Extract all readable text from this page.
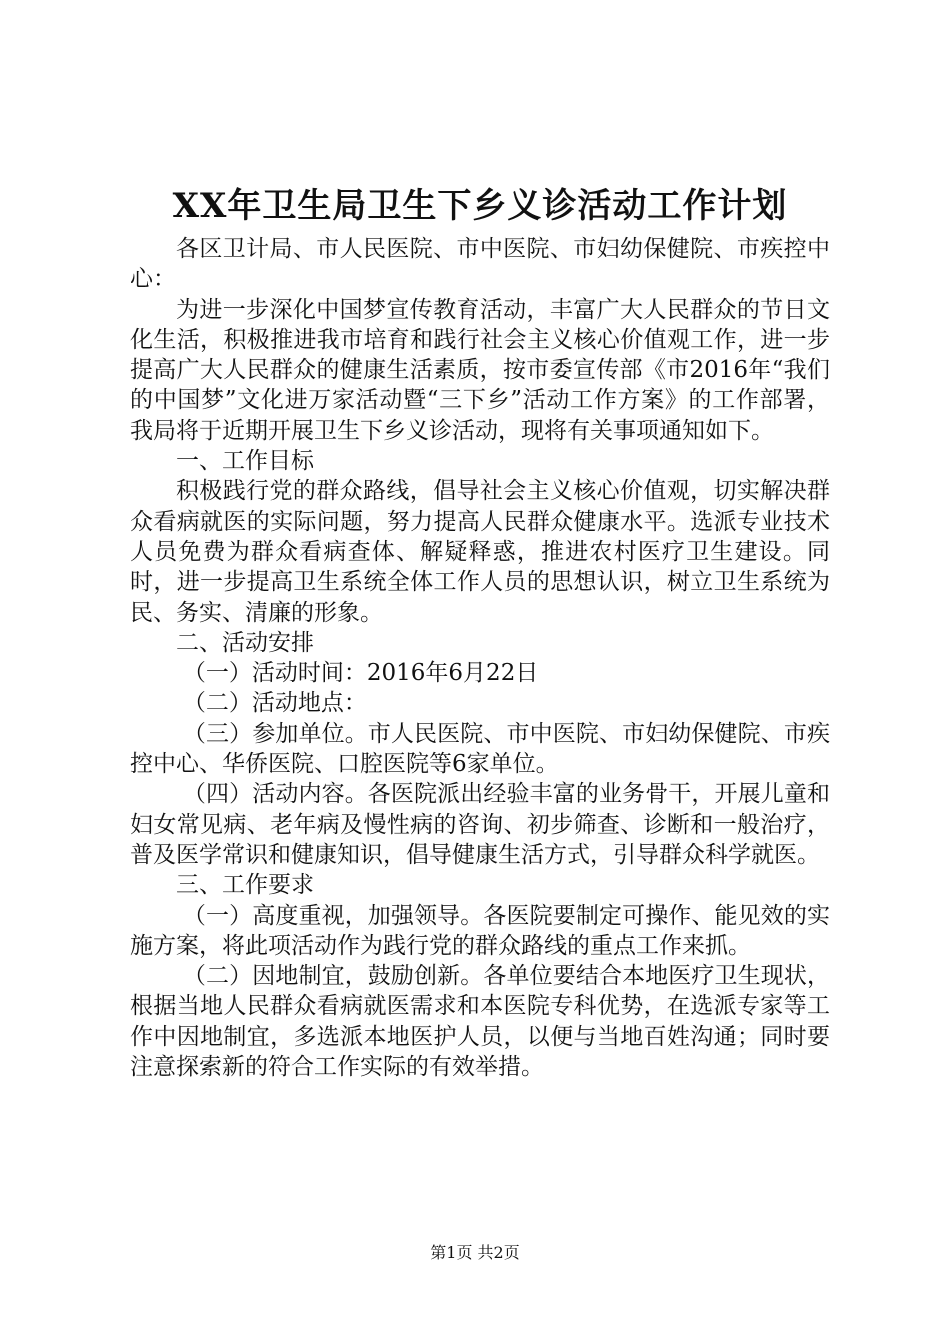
XX年卫生局卫生下乡义诊活动工作计划

各区卫计局、市人民医院、市中医院、市妇幼保健院、市疾控中心：

为进一步深化中国梦宣传教育活动，丰富广大人民群众的节日文化生活，积极推进我市培育和践行社会主义核心价值观工作，进一步提高广大人民群众的健康生活素质，按市委宣传部《市2016年“我们的中国梦”文化进万家活动暨“三下乡”活动工作方案》的工作部署，我局将于近期开展卫生下乡义诊活动，现将有关事项通知如下。

一、工作目标

积极践行党的群众路线，倡导社会主义核心价值观，切实解决群众看病就医的实际问题，努力提高人民群众健康水平。选派专业技术人员免费为群众看病查体、解疑释惑，推进农村医疗卫生建设。同时，进一步提高卫生系统全体工作人员的思想认识，树立卫生系统为民、务实、清廉的形象。

二、活动安排

（一）活动时间：2016年6月22日

（二）活动地点：

（三）参加单位。市人民医院、市中医院、市妇幼保健院、市疾控中心、华侨医院、口腔医院等6家单位。

（四）活动内容。各医院派出经验丰富的业务骨干，开展儿童和妇女常见病、老年病及慢性病的咨询、初步筛查、诊断和一般治疗，普及医学常识和健康知识，倡导健康生活方式，引导群众科学就医。

三、工作要求

（一）高度重视，加强领导。各医院要制定可操作、能见效的实施方案，将此项活动作为践行党的群众路线的重点工作来抓。

（二）因地制宜，鼓励创新。各单位要结合本地医疗卫生现状，根据当地人民群众看病就医需求和本医院专科优势，在选派专家等工作中因地制宜，多选派本地医护人员，以便与当地百姓沟通；同时要注意探索新的符合工作实际的有效举措。

第1页 共2页
